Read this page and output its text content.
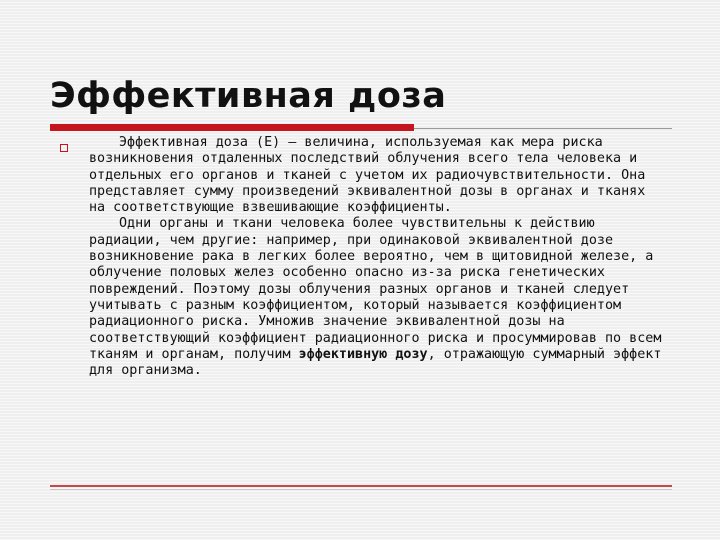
Эффективная доза

Эффективная доза (Е) — величина, используемая как мера риска возникновения отдаленных последствий облучения всего тела человека и отдельных его органов и тканей с учетом их радиочувствительности. Она представляет сумму произведений эквивалентной дозы в органах и тканях на соответствующие взвешивающие коэффициенты.

Одни органы и ткани человека более чувствительны к действию радиации, чем другие: например, при одинаковой эквивалентной дозе возникновение рака в легких более вероятно, чем в щитовидной железе, а облучение половых желез особенно опасно из-за риска генетических повреждений. Поэтому дозы облучения разных органов и тканей следует учитывать с разным коэффициентом, который называется коэффициентом радиационного риска. Умножив значение эквивалентной дозы на соответствующий коэффициент радиационного риска и просуммировав по всем тканям и органам, получим эффективную дозу, отражающую суммарный эффект для организма.
